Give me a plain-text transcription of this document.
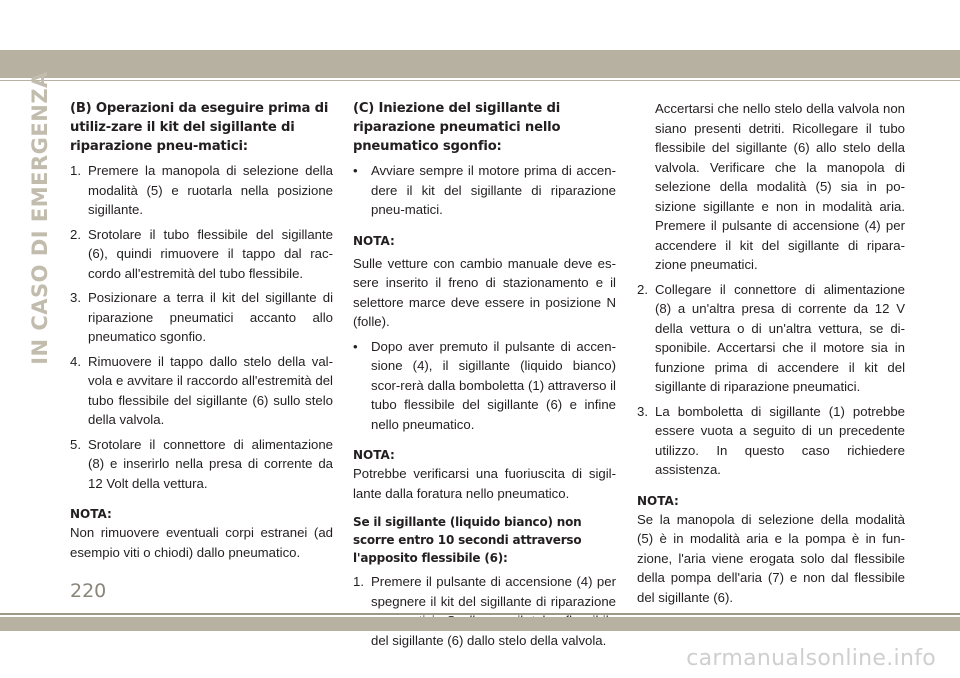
IN CASO DI EMERGENZA (B) Operazioni da eseguire prima di utiliz-zare il kit del sigillante di riparazione pneu-matici:
1. Premere la manopola di selezione della modalità (5) e ruotarla nella posizione sigillante.
2. Srotolare il tubo flessibile del sigillante (6), quindi rimuovere il tappo dal rac-cordo all'estremità del tubo flessibile.
3. Posizionare a terra il kit del sigillante di riparazione pneumatici accanto allo pneumatico sgonfio.
4. Rimuovere il tappo dallo stelo della val-vola e avvitare il raccordo all'estremità del tubo flessibile del sigillante (6) sullo stelo della valvola.
5. Srotolare il connettore di alimentazione (8) e inserirlo nella presa di corrente da 12 Volt della vettura.
NOTA:
Non rimuovere eventuali corpi estranei (ad esempio viti o chiodi) dallo pneumatico.
(C) Iniezione del sigillante di riparazione pneumatici nello pneumatico sgonfio:
• Avviare sempre il motore prima di accen-dere il kit del sigillante di riparazione pneu-matici.
NOTA:
Sulle vetture con cambio manuale deve es-sere inserito il freno di stazionamento e il selettore marce deve essere in posizione N (folle).
• Dopo aver premuto il pulsante di accen-sione (4), il sigillante (liquido bianco) scor-rerà dalla bomboletta (1) attraverso il tubo flessibile del sigillante (6) e infine nello pneumatico.
NOTA:
Potrebbe verificarsi una fuoriuscita di sigil-lante dalla foratura nello pneumatico.
Se il sigillante (liquido bianco) non scorre entro 10 secondi attraverso l'apposito flessibile (6):
1. Premere il pulsante di accensione (4) per spegnere il kit del sigillante di riparazione del sigillante (6) dallo stelo della valvola.
Accertarsi che nello stelo della valvola non siano presenti detriti. Ricollegare il tubo flessibile del sigillante (6) allo stelo della valvola. Verificare che la manopola di selezione della modalità (5) sia in po-sizione sigillante e non in modalità aria. Premere il pulsante di accensione (4) per accendere il kit del sigillante di ripara-zione pneumatici.
2. Collegare il connettore di alimentazione (8) a un'altra presa di corrente da 12 V della vettura o di un'altra vettura, se di-sponibile. Accertarsi che il motore sia in funzione prima di accendere il kit del sigillante di riparazione pneumatici.
3. La bomboletta di sigillante (1) potrebbe essere vuota a seguito di un precedente utilizzo. In questo caso richiedere assistenza.
NOTA:
Se la manopola di selezione della modalità (5) è in modalità aria e la pompa è in fun-zione, l'aria viene erogata solo dal flessibile della pompa dell'aria (7) e non dal flessibile del sigillante (6).
220
carmanualsonline.info
